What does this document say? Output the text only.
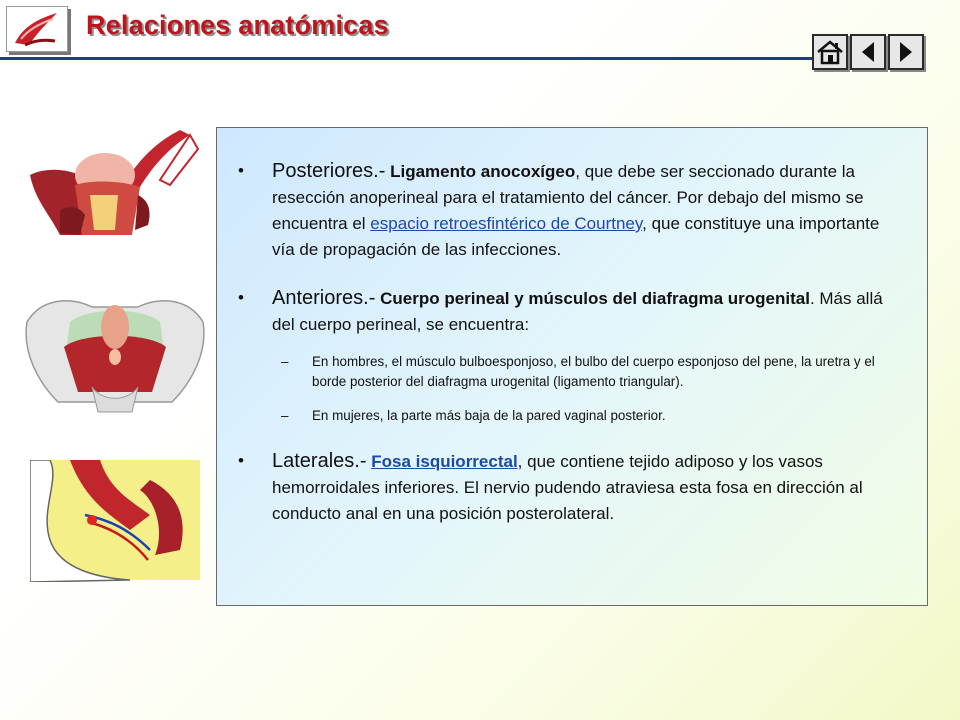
Relaciones anatómicas
• Posteriores.- Ligamento anocoxígeo, que debe ser seccionado durante la resección anoperineal para el tratamiento del cáncer. Por debajo del mismo se encuentra el espacio retroesfintérico de Courtney, que constituye una importante vía de propagación de las infecciones.
• Anteriores.- Cuerpo perineal y músculos del diafragma urogenital. Más allá del cuerpo perineal, se encuentra:
– En hombres, el músculo bulboesponjoso, el bulbo del cuerpo esponjoso del pene, la uretra y el borde posterior del diafragma urogenital (ligamento triangular).
– En mujeres, la parte más baja de la pared vaginal posterior.
• Laterales.- Fosa isquiorrectal, que contiene tejido adiposo y los vasos hemorroidales inferiores. El nervio pudendo atraviesa esta fosa en dirección al conducto anal en una posición posterolateral.
